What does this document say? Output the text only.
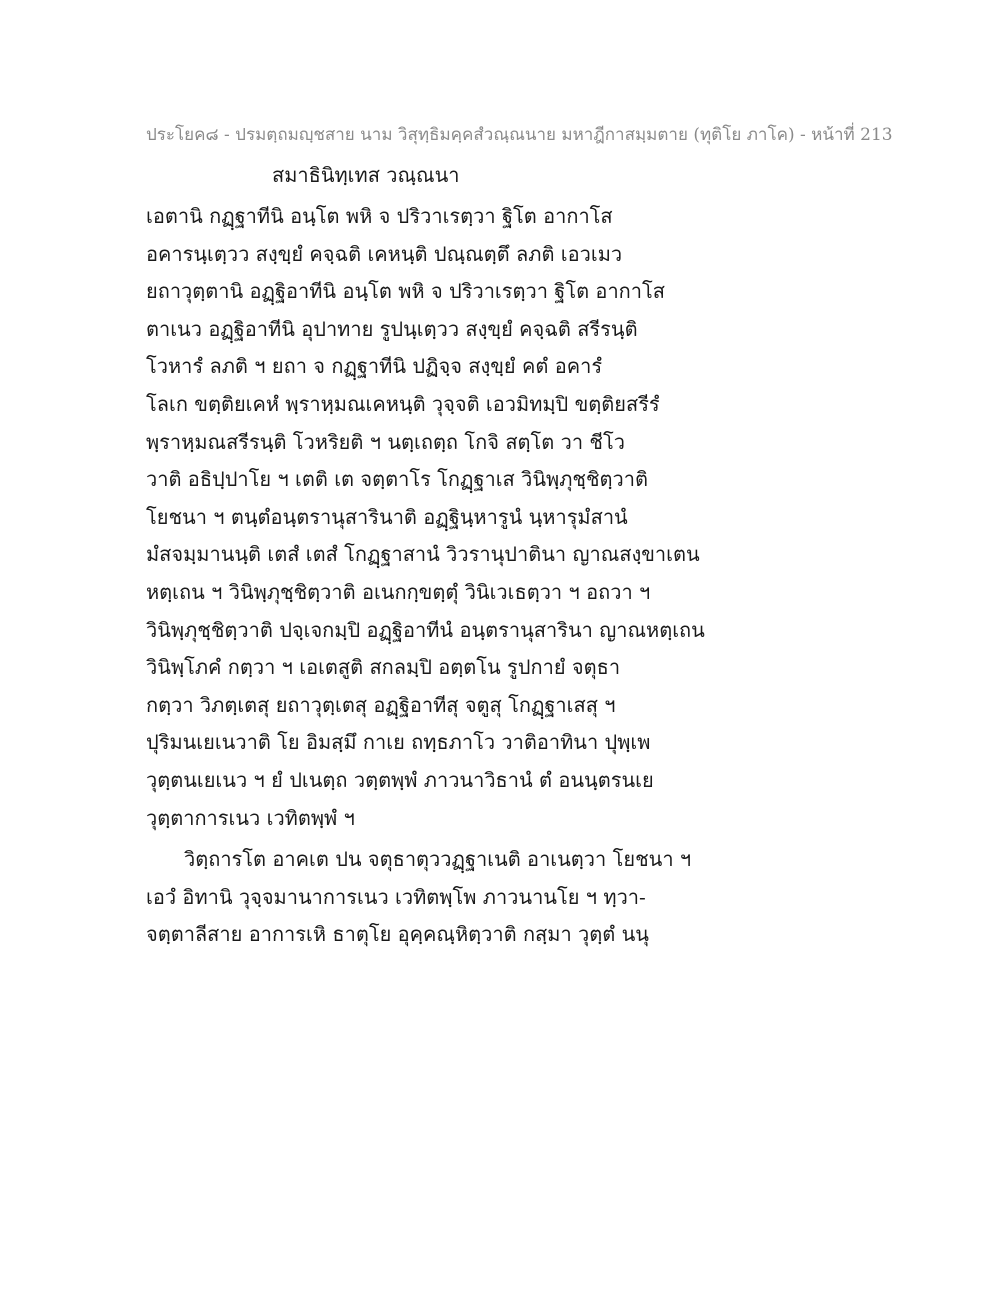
ประโยค๘ - ปรมตฺถมญฺชสาย นาม วิสุทฺธิมคฺคสํวณฺณนาย มหาฎีกาสมฺมตาย (ทุติโย ภาโค) - หน้าที่ 213
สมาธินิทฺเทส วณฺณนา
เอตานิ กฏฺฐาทีนิ อนฺโต พหิ จ ปริวาเรตฺวา ฐิโต อากาโส
อคารนฺเตฺวว สงฺขฺยํ คจฺฉติ เคหนฺติ ปณฺณตฺตึ ลภติ เอวเมว
ยถาวุตฺตานิ อฏฺฐิอาทีนิ อนฺโต พหิ จ ปริวาเรตฺวา ฐิโต อากาโส
ตาเนว อฏฺฐิอาทีนิ อุปาทาย รูปนฺเตฺวว สงฺขฺยํ คจฺฉติ สรีรนฺติ
โวหารํ ลภติ ฯ ยถา จ กฏฺฐาทีนิ ปฏิจฺจ สงฺขฺยํ คตํ อคารํ
โลเก ขตฺติยเคหํ พฺราหฺมณเคหนฺติ วุจฺจติ เอวมิทมฺปิ ขตฺติยสรีรํ
พฺราหฺมณสรีรนฺติ โวหริยติ ฯ นตฺเถตฺถ โกจิ สตฺโต วา ชีโว
วาติ อธิปฺปาโย ฯ เตติ เต จตฺตาโร โกฏฺฐาเส วินิพฺภุชฺชิตฺวาติ
โยชนา ฯ ตนฺตํอนฺตรานุสารินาติ อฏฺฐินฺหารูนํ นฺหารุมํสานํ
มํสจมฺมานนฺติ เตสํ เตสํ โกฏฺฐาสานํ วิวรานุปาตินา ญาณสงฺขาเตน
หตฺเถน ฯ วินิพฺภุชฺชิตฺวาติ อเนกกฺขตฺตุํ วินิเวเธตฺวา ฯ อถวา ฯ
วินิพฺภุชฺชิตฺวาติ ปจฺเจกมฺปิ อฏฺฐิอาทีนํ อนฺตรานุสารินา ญาณหตฺเถน
วินิพฺโภคํ กตฺวา ฯ เอเตสูติ สกลมฺปิ อตฺตโน รูปกายํ จตุธา
กตฺวา วิภตฺเตสุ ยถาวุตฺเตสุ อฏฺฐิอาทีสุ จตูสุ โกฏฺฐาเสสุ ฯ
ปุริมนเยเนวาติ โย อิมสฺมึ กาเย ถทฺธภาโว วาติอาทินา ปุพฺเพ
วุตฺตนเยเนว ฯ ยํ ปเนตฺถ วตฺตพฺพํ ภาวนาวิธานํ ตํ อนนฺตรนเย
วุตฺตาการเนว เวทิตพฺพํ ฯ
วิตฺถารโต อาคเต ปน จตุธาตุววฏฺฐาเนติ อาเนตฺวา โยชนา ฯ
เอวํ อิทานิ วุจฺจมานาการเนว เวทิตพฺโพ ภาวนานโย ฯ ทฺวา-
จตฺตาลีสาย อาการเหิ ธาตุโย อุคฺคณฺหิตฺวาติ กสฺมา วุตฺตํ นนุ
